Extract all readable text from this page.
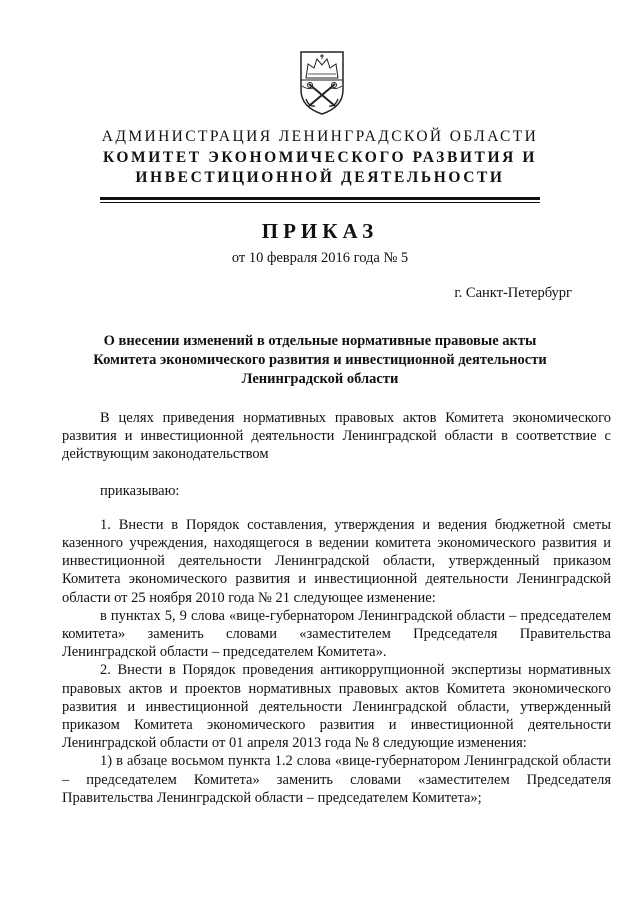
АДМИНИСТРАЦИЯ ЛЕНИНГРАДСКОЙ ОБЛАСТИ
КОМИТЕТ ЭКОНОМИЧЕСКОГО РАЗВИТИЯ И
ИНВЕСТИЦИОННОЙ ДЕЯТЕЛЬНОСТИ
ПРИКАЗ
от 10 февраля 2016 года № 5
г. Санкт-Петербург
О внесении изменений в отдельные нормативные правовые акты
Комитета экономического развития и инвестиционной деятельности
Ленинградской области

В целях приведения нормативных правовых актов Комитета экономического развития и инвестиционной деятельности Ленинградской области в соответствие с действующим законодательством

приказываю:

1. Внести в Порядок составления, утверждения и ведения бюджетной сметы казенного учреждения, находящегося в ведении комитета экономического развития и инвестиционной деятельности Ленинградской области, утвержденный приказом Комитета экономического развития и инвестиционной деятельности Ленинградской области от 25 ноября 2010 года № 21 следующее изменение:

в пунктах 5, 9 слова «вице-губернатором Ленинградской области – председателем комитета» заменить словами «заместителем Председателя Правительства Ленинградской области – председателем Комитета».

2. Внести в Порядок проведения антикоррупционной экспертизы нормативных правовых актов и проектов нормативных правовых актов Комитета экономического развития и инвестиционной деятельности Ленинградской области, утвержденный приказом Комитета экономического развития и инвестиционной деятельности Ленинградской области от 01 апреля 2013 года № 8 следующие изменения:

1) в абзаце восьмом пункта 1.2 слова «вице-губернатором Ленинградской области – председателем Комитета» заменить словами «заместителем Председателя Правительства Ленинградской области – председателем Комитета»;
